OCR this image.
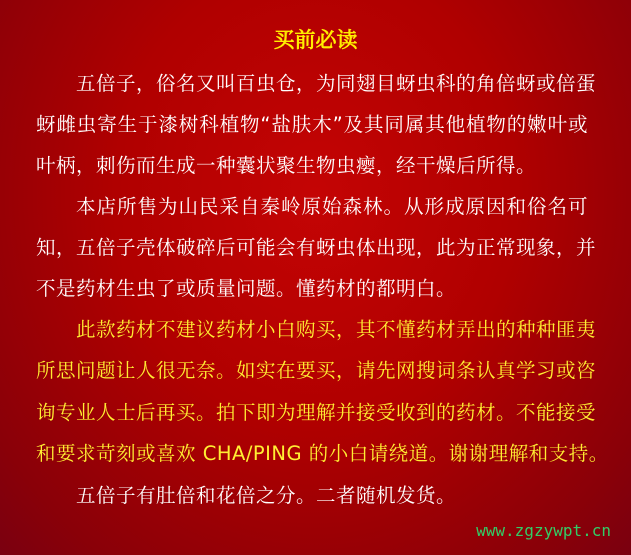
买前必读
五倍子，俗名又叫百虫仓，为同翅目蚜虫科的角倍蚜或倍蛋
蚜雌虫寄生于漆树科植物“盐肤木”及其同属其他植物的嫩叶或
叶柄，刺伤而生成一种囊状聚生物虫瘿，经干燥后所得。
本店所售为山民采自秦岭原始森林。从形成原因和俗名可
知，五倍子壳体破碎后可能会有蚜虫体出现，此为正常现象，并
不是药材生虫了或质量问题。懂药材的都明白。
此款药材不建议药材小白购买，其不懂药材弄出的种种匪夷
所思问题让人很无奈。如实在要买，请先网搜词条认真学习或咨
询专业人士后再买。拍下即为理解并接受收到的药材。不能接受
和要求苛刻或喜欢 CHA/PING 的小白请绕道。谢谢理解和支持。
五倍子有肚倍和花倍之分。二者随机发货。
www.zgzywpt.cn
